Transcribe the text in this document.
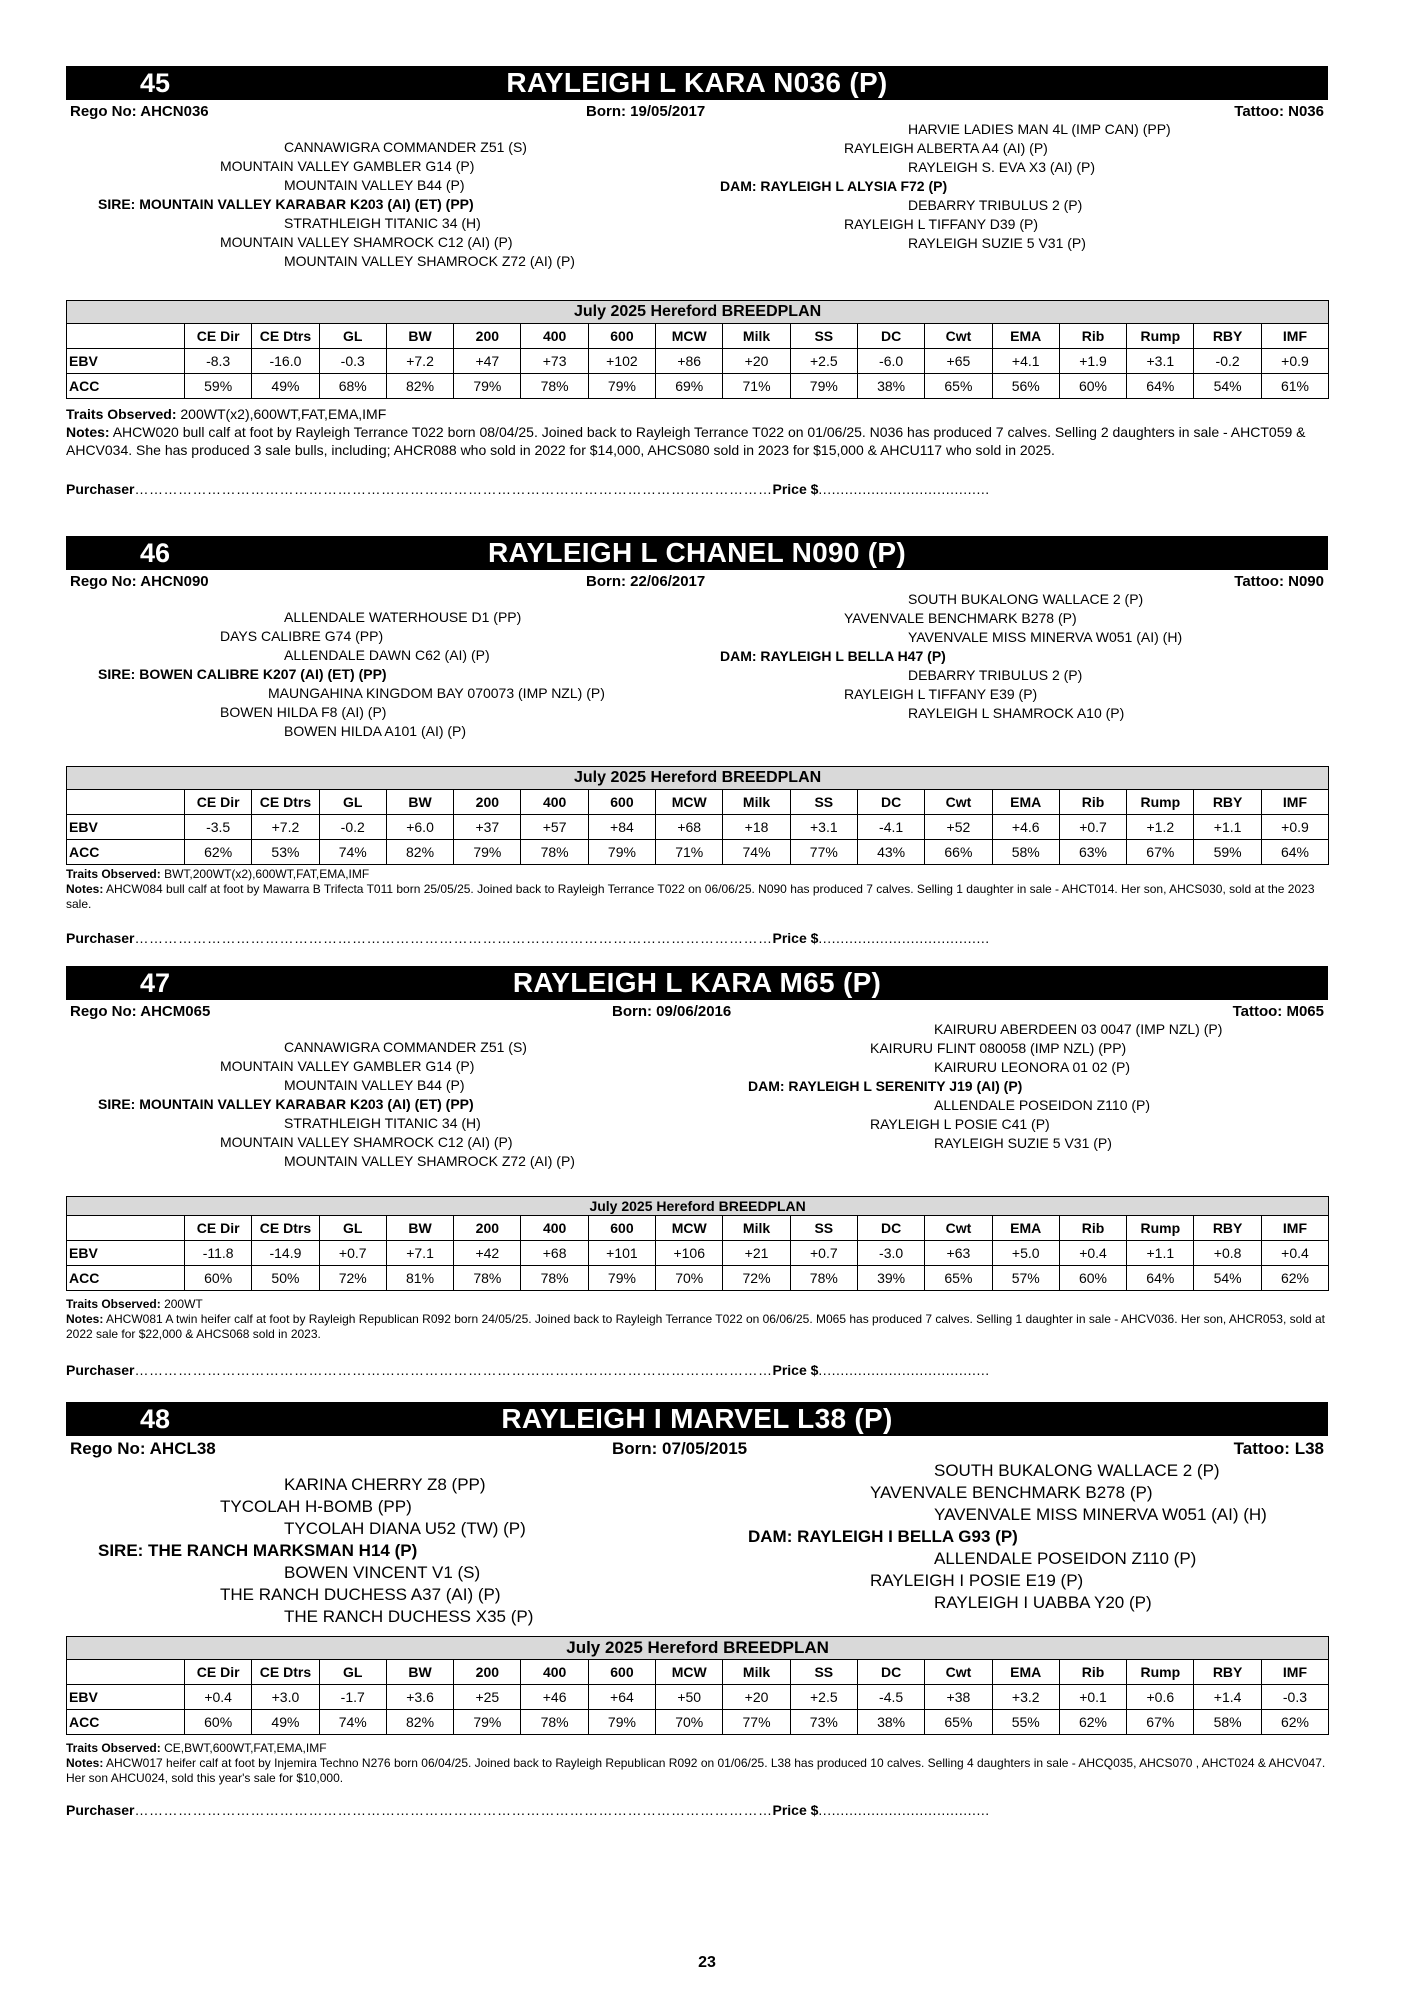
45	RAYLEIGH L KARA N036 (P)
Rego No: AHCN036	Born: 19/05/2017	Tattoo: N036
CANNAWIGRA COMMANDER Z51 (S)
MOUNTAIN VALLEY GAMBLER G14 (P)
MOUNTAIN VALLEY B44 (P)
SIRE: MOUNTAIN VALLEY KARABAR K203 (AI) (ET) (PP)
STRATHLEIGH TITANIC 34 (H)
MOUNTAIN VALLEY SHAMROCK C12 (AI) (P)
MOUNTAIN VALLEY SHAMROCK Z72 (AI) (P)
HARVIE LADIES MAN 4L (IMP CAN) (PP)
RAYLEIGH ALBERTA A4 (AI) (P)
RAYLEIGH S. EVA X3 (AI) (P)
DAM: RAYLEIGH L ALYSIA F72 (P)
DEBARRY TRIBULUS 2 (P)
RAYLEIGH L TIFFANY D39 (P)
RAYLEIGH SUZIE 5 V31 (P)
July 2025 Hereford BREEDPLAN																	
	CE Dir	CE Dtrs	GL	BW	200	400	600	MCW	Milk	SS	DC	Cwt	EMA	Rib	Rump	RBY	IMF
EBV	-8.3	-16.0	-0.3	+7.2	+47	+73	+102	+86	+20	+2.5	-6.0	+65	+4.1	+1.9	+3.1	-0.2	+0.9
ACC	59%	49%	68%	82%	79%	78%	79%	69%	71%	79%	38%	65%	56%	60%	64%	54%	61%
Traits Observed: 200WT(x2),600WT,FAT,EMA,IMF
Notes: AHCW020 bull calf at foot by Rayleigh Terrance T022 born 08/04/25. Joined back to Rayleigh Terrance T022 on 01/06/25. N036 has produced 7 calves. Selling 2 daughters in sale - AHCT059 & AHCV034. She has produced 3 sale bulls, including; AHCR088 who sold in 2022 for $14,000, AHCS080 sold in 2023 for $15,000 & AHCU117 who sold in 2025.
Purchaser……………………………………………………………………………………………………………………Price $.......................................
46	RAYLEIGH L CHANEL N090 (P)
Rego No: AHCN090	Born: 22/06/2017	Tattoo: N090
ALLENDALE WATERHOUSE D1 (PP)
DAYS CALIBRE G74 (PP)
ALLENDALE DAWN C62 (AI) (P)
SIRE: BOWEN CALIBRE K207 (AI) (ET) (PP)
MAUNGAHINA KINGDOM BAY 070073 (IMP NZL) (P)
BOWEN HILDA F8 (AI) (P)
BOWEN HILDA A101 (AI) (P)
SOUTH BUKALONG WALLACE 2 (P)
YAVENVALE BENCHMARK B278 (P)
YAVENVALE MISS MINERVA W051 (AI) (H)
DAM: RAYLEIGH L BELLA H47 (P)
DEBARRY TRIBULUS 2 (P)
RAYLEIGH L TIFFANY E39 (P)
RAYLEIGH L SHAMROCK A10 (P)
July 2025 Hereford BREEDPLAN																	
	CE Dir	CE Dtrs	GL	BW	200	400	600	MCW	Milk	SS	DC	Cwt	EMA	Rib	Rump	RBY	IMF
EBV	-3.5	+7.2	-0.2	+6.0	+37	+57	+84	+68	+18	+3.1	-4.1	+52	+4.6	+0.7	+1.2	+1.1	+0.9
ACC	62%	53%	74%	82%	79%	78%	79%	71%	74%	77%	43%	66%	58%	63%	67%	59%	64%
Traits Observed: BWT,200WT(x2),600WT,FAT,EMA,IMF
Notes: AHCW084 bull calf at foot by Mawarra B Trifecta T011 born 25/05/25. Joined back to Rayleigh Terrance T022 on 06/06/25. N090 has produced 7 calves. Selling 1 daughter in sale - AHCT014. Her son, AHCS030, sold at the 2023 sale.
Purchaser……………………………………………………………………………………………………………………Price $.......................................
47	RAYLEIGH L KARA M65 (P)
Rego No: AHCM065	Born: 09/06/2016	Tattoo: M065
CANNAWIGRA COMMANDER Z51 (S)
MOUNTAIN VALLEY GAMBLER G14 (P)
MOUNTAIN VALLEY B44 (P)
SIRE: MOUNTAIN VALLEY KARABAR K203 (AI) (ET) (PP)
STRATHLEIGH TITANIC 34 (H)
MOUNTAIN VALLEY SHAMROCK C12 (AI) (P)
MOUNTAIN VALLEY SHAMROCK Z72 (AI) (P)
KAIRURU ABERDEEN 03 0047 (IMP NZL) (P)
KAIRURU FLINT 080058 (IMP NZL) (PP)
KAIRURU LEONORA 01 02 (P)
DAM: RAYLEIGH L SERENITY J19 (AI) (P)
ALLENDALE POSEIDON Z110 (P)
RAYLEIGH L POSIE C41 (P)
RAYLEIGH SUZIE 5 V31 (P)
July 2025 Hereford BREEDPLAN																	
	CE Dir	CE Dtrs	GL	BW	200	400	600	MCW	Milk	SS	DC	Cwt	EMA	Rib	Rump	RBY	IMF
EBV	-11.8	-14.9	+0.7	+7.1	+42	+68	+101	+106	+21	+0.7	-3.0	+63	+5.0	+0.4	+1.1	+0.8	+0.4
ACC	60%	50%	72%	81%	78%	78%	79%	70%	72%	78%	39%	65%	57%	60%	64%	54%	62%
Traits Observed: 200WT
Notes: AHCW081 A twin heifer calf at foot by Rayleigh Republican R092 born 24/05/25. Joined back to Rayleigh Terrance T022 on 06/06/25. M065 has produced 7 calves. Selling 1 daughter in sale - AHCV036. Her son, AHCR053, sold at 2022 sale for $22,000 & AHCS068 sold in 2023.
Purchaser……………………………………………………………………………………………………………………Price $.......................................
48	RAYLEIGH I MARVEL L38 (P)
Rego No: AHCL38	Born: 07/05/2015	Tattoo: L38
KARINA CHERRY Z8 (PP)
TYCOLAH H-BOMB (PP)
TYCOLAH DIANA U52 (TW) (P)
SIRE: THE RANCH MARKSMAN H14 (P)
BOWEN VINCENT V1 (S)
THE RANCH DUCHESS A37 (AI) (P)
THE RANCH DUCHESS X35 (P)
SOUTH BUKALONG WALLACE 2 (P)
YAVENVALE BENCHMARK B278 (P)
YAVENVALE MISS MINERVA W051 (AI) (H)
DAM: RAYLEIGH I BELLA G93 (P)
ALLENDALE POSEIDON Z110 (P)
RAYLEIGH I POSIE E19 (P)
RAYLEIGH I UABBA Y20 (P)
July 2025 Hereford BREEDPLAN																	
	CE Dir	CE Dtrs	GL	BW	200	400	600	MCW	Milk	SS	DC	Cwt	EMA	Rib	Rump	RBY	IMF
EBV	+0.4	+3.0	-1.7	+3.6	+25	+46	+64	+50	+20	+2.5	-4.5	+38	+3.2	+0.1	+0.6	+1.4	-0.3
ACC	60%	49%	74%	82%	79%	78%	79%	70%	77%	73%	38%	65%	55%	62%	67%	58%	62%
Traits Observed: CE,BWT,600WT,FAT,EMA,IMF
Notes: AHCW017 heifer calf at foot by Injemira Techno N276 born 06/04/25. Joined back to Rayleigh Republican R092 on 01/06/25. L38 has produced 10 calves. Selling 4 daughters in sale - AHCQ035, AHCS070 , AHCT024 & AHCV047. Her son AHCU024, sold this year's sale for $10,000.
Purchaser……………………………………………………………………………………………………………………Price $.......................................
23
